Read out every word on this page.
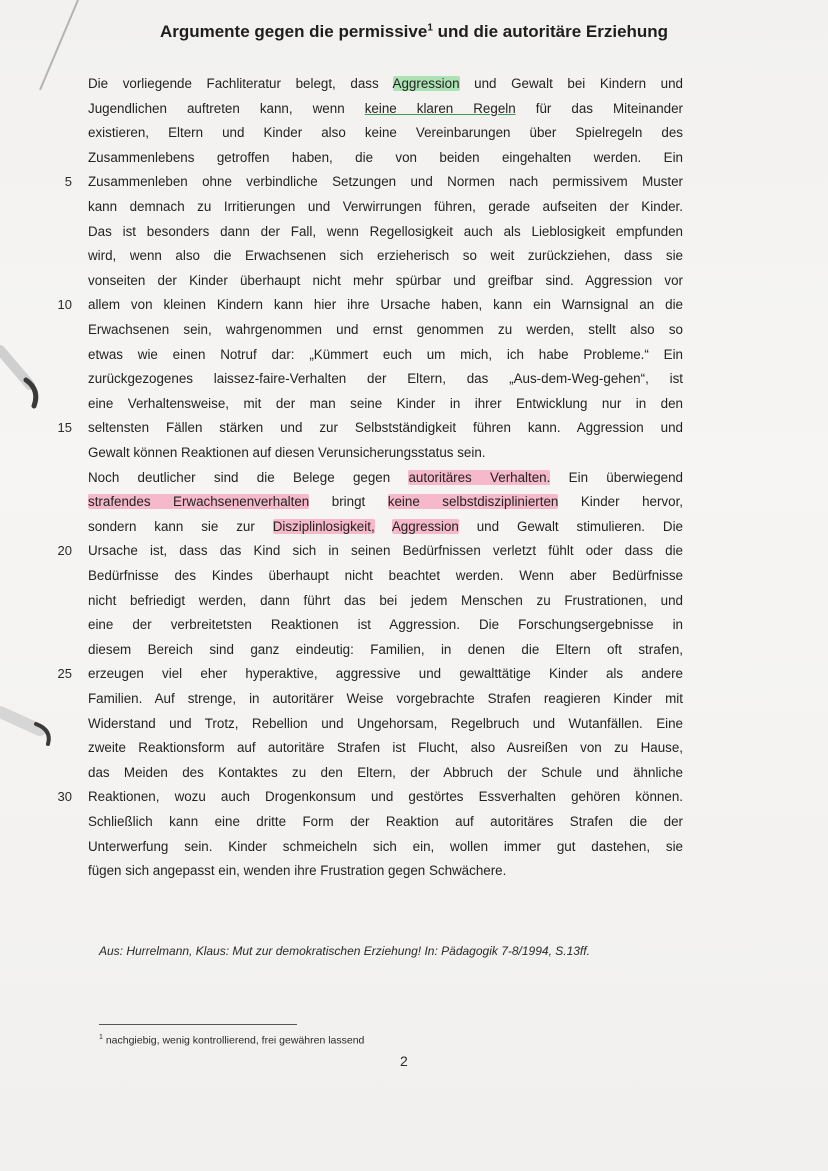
Argumente gegen die permissive$^1$ und die autoritäre Erziehung
Die vorliegende Fachliteratur belegt, dass Aggression und Gewalt bei Kindern und
Jugendlichen auftreten kann, wenn keine klaren Regeln für das Miteinander
existieren, Eltern und Kinder also keine Vereinbarungen über Spielregeln des
Zusammenlebens getroffen haben, die von beiden eingehalten werden. Ein
5 Zusammenleben ohne verbindliche Setzungen und Normen nach permissivem Muster
kann demnach zu Irritierungen und Verwirrungen führen, gerade aufseiten der Kinder.
Das ist besonders dann der Fall, wenn Regellosigkeit auch als Lieblosigkeit empfunden
wird, wenn also die Erwachsenen sich erzieherisch so weit zurückziehen, dass sie
vonseiten der Kinder überhaupt nicht mehr spürbar und greifbar sind. Aggression vor
10 allem von kleinen Kindern kann hier ihre Ursache haben, kann ein Warnsignal an die
Erwachsenen sein, wahrgenommen und ernst genommen zu werden, stellt also so
etwas wie einen Notruf dar: „Kümmert euch um mich, ich habe Probleme.“ Ein
zurückgezogenes laissez-faire-Verhalten der Eltern, das „Aus-dem-Weg-gehen“, ist
eine Verhaltensweise, mit der man seine Kinder in ihrer Entwicklung nur in den
15 seltensten Fällen stärken und zur Selbstständigkeit führen kann. Aggression und
Gewalt können Reaktionen auf diesen Verunsicherungsstatus sein.
Noch deutlicher sind die Belege gegen autoritäres Verhalten. Ein überwiegend
strafendes Erwachsenenverhalten bringt keine selbstdisziplinierten Kinder hervor,
sondern kann sie zur Disziplinlosigkeit, Aggression und Gewalt stimulieren. Die
20 Ursache ist, dass das Kind sich in seinen Bedürfnissen verletzt fühlt oder dass die
Bedürfnisse des Kindes überhaupt nicht beachtet werden. Wenn aber Bedürfnisse
nicht befriedigt werden, dann führt das bei jedem Menschen zu Frustrationen, und
eine der verbreitetsten Reaktionen ist Aggression. Die Forschungsergebnisse in
diesem Bereich sind ganz eindeutig: Familien, in denen die Eltern oft strafen,
25 erzeugen viel eher hyperaktive, aggressive und gewalttätige Kinder als andere
Familien. Auf strenge, in autoritärer Weise vorgebrachte Strafen reagieren Kinder mit
Widerstand und Trotz, Rebellion und Ungehorsam, Regelbruch und Wutanfällen. Eine
zweite Reaktionsform auf autoritäre Strafen ist Flucht, also Ausreißen von zu Hause,
das Meiden des Kontaktes zu den Eltern, der Abbruch der Schule und ähnliche
30 Reaktionen, wozu auch Drogenkonsum und gestörtes Essverhalten gehören können.
Schließlich kann eine dritte Form der Reaktion auf autoritäres Strafen die der
Unterwerfung sein. Kinder schmeicheln sich ein, wollen immer gut dastehen, sie
fügen sich angepasst ein, wenden ihre Frustration gegen Schwächere.
Aus: Hurrelmann, Klaus: Mut zur demokratischen Erziehung! In: Pädagogik 7-8/1994, S.13ff.
$^1$ nachgiebig, wenig kontrollierend, frei gewähren lassend
2
